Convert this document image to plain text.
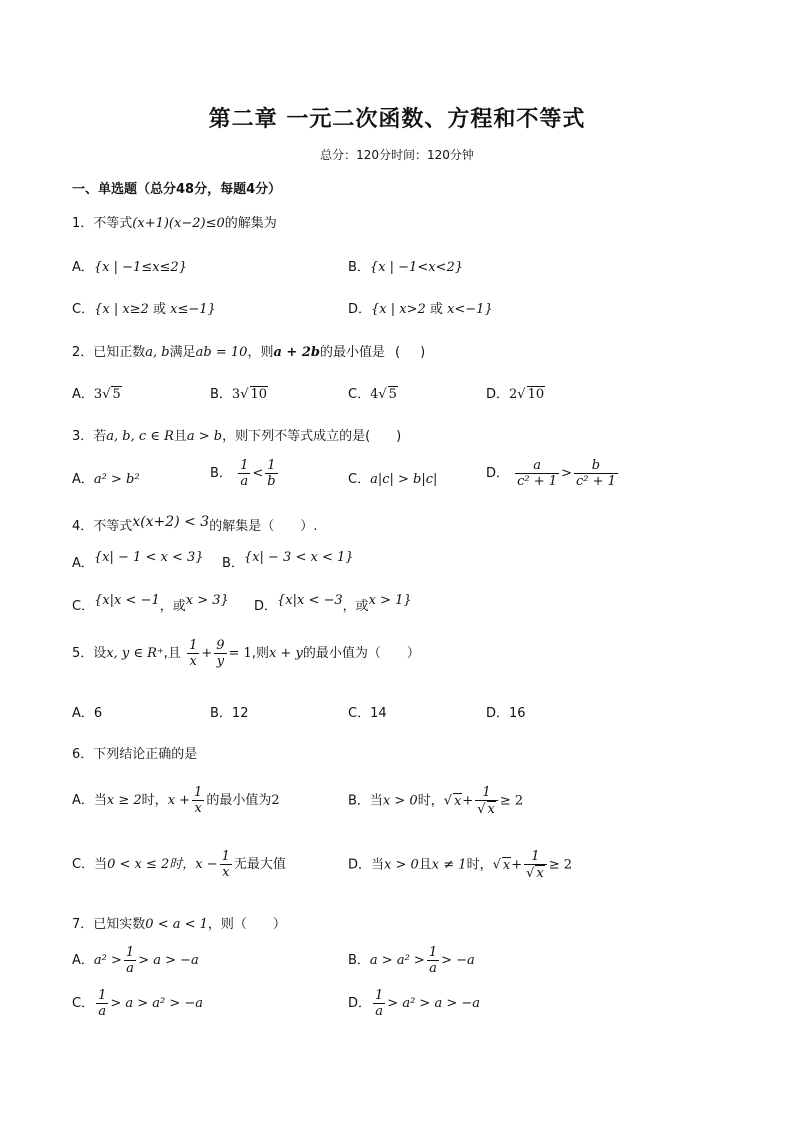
第二章 一元二次函数、方程和不等式
总分：120分时间：120分钟
一、单选题（总分48分，每题4分）
1．不等式(x+1)(x−2)≤0的解集为
A．{x | −1≤x≤2}	B．{x | −1<x<2}
C．{x | x≥2 或 x≤−1}	D．{x | x>2 或 x<−1}
2．已知正数a, b满足ab = 10，则a + 2b的最小值是 ( )
A．3√ 5	B．3√ 10	C．4√ 5	D．2√ 10
3．若a, b, c ∈ R且a > b，则下列不等式成立的是(　　)
A．a² > b²	B． $\frac{1}{a} < \frac{1}{b}$	C．a|c| > b|c|	D． $\frac{a}{\text{c² + 1}} > \frac{b}{\text{c² + 1}}$
4．不等式x(x+2) < 3的解集是（　　）.
A．{x| − 1 < x < 3} B．{x| − 3 < x < 1}
C．{x|x < −1，或x > 3} D．{x|x < −3，或x > 1}
5．设x, y ∈ R⁺,且 $\frac{1}{x} + \frac{9}{y} = 1$,则x + y的最小值为（　　）
A．6	B．12	C．14	D．16
6．下列结论正确的是
A．当x ≥ 2时，$x + \frac{1}{x}$ 的最小值为2	B．当x > 0时，√ $x+ \frac{1}{√ x} \ge 2$
C．当0 < x ≤ 2时，$x - \frac{1}{x}$ 无最大值	D．当x > 0且x ≠ 1时，√ $x+ \frac{1}{√ x} \ge 2$
7．已知实数0 < a < 1，则（　　）
A．$a^2 > \frac{1}{a} > a > -a$	B．$a > a^2 > \frac{1}{a} > -a$
C． $\frac{1}{a} > a > a^2 > -a$	D． $\frac{1}{a} > a^2 > a > -a$
